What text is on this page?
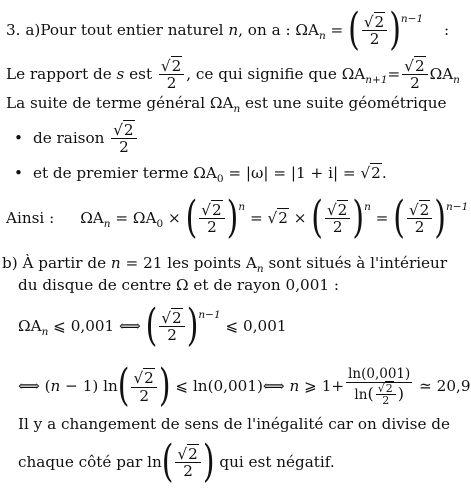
3. a)Pour tout entier naturel n, on a : $\Omega A_n$ = ( $\frac{√2}{2} )^{n-1}$ :
Le rapport de s est $\frac{√2}{2}$ , ce qui signifie que $\Omega A_{n+1}= \frac{√2}{2} \Omega A_n$
La suite de terme général $\Omega A_n$ est une suite géométrique
• de raison $\frac{√2}{2}$
• et de premier terme $\Omega A_0 = |\omega| = |1 + i| = √2$.
Ainsi : $\Omega A_n = \Omega A_0$ × ( $\frac{√2}{2} )^n = √2$ × ( $\frac{√2}{2} )^n$ = ( $\frac{√2}{2} )^{n-1}$
b) À partir de n = 21 les points $A_n$ sont situés à l'intérieur
du disque de centre Ω et de rayon 0,001 :
$\Omega A_n$ ⩽ 0,001 ⟺ ( $\frac{√2}{2} )^{n-1}$ ⩽ 0,001
⟺ (n − 1) $\ln( \frac{√2}{2}$ ) ⩽ ln(0,001)⟺ n ⩾ $1+ \frac{\ln(0,001)}{\ln( \frac{√2}{2} )}$ ≃ 20,9
Il y a changement de sens de l'inégalité car on divise de
chaque côté par $\ln( \frac{√2}{2}$ ) qui est négatif.
